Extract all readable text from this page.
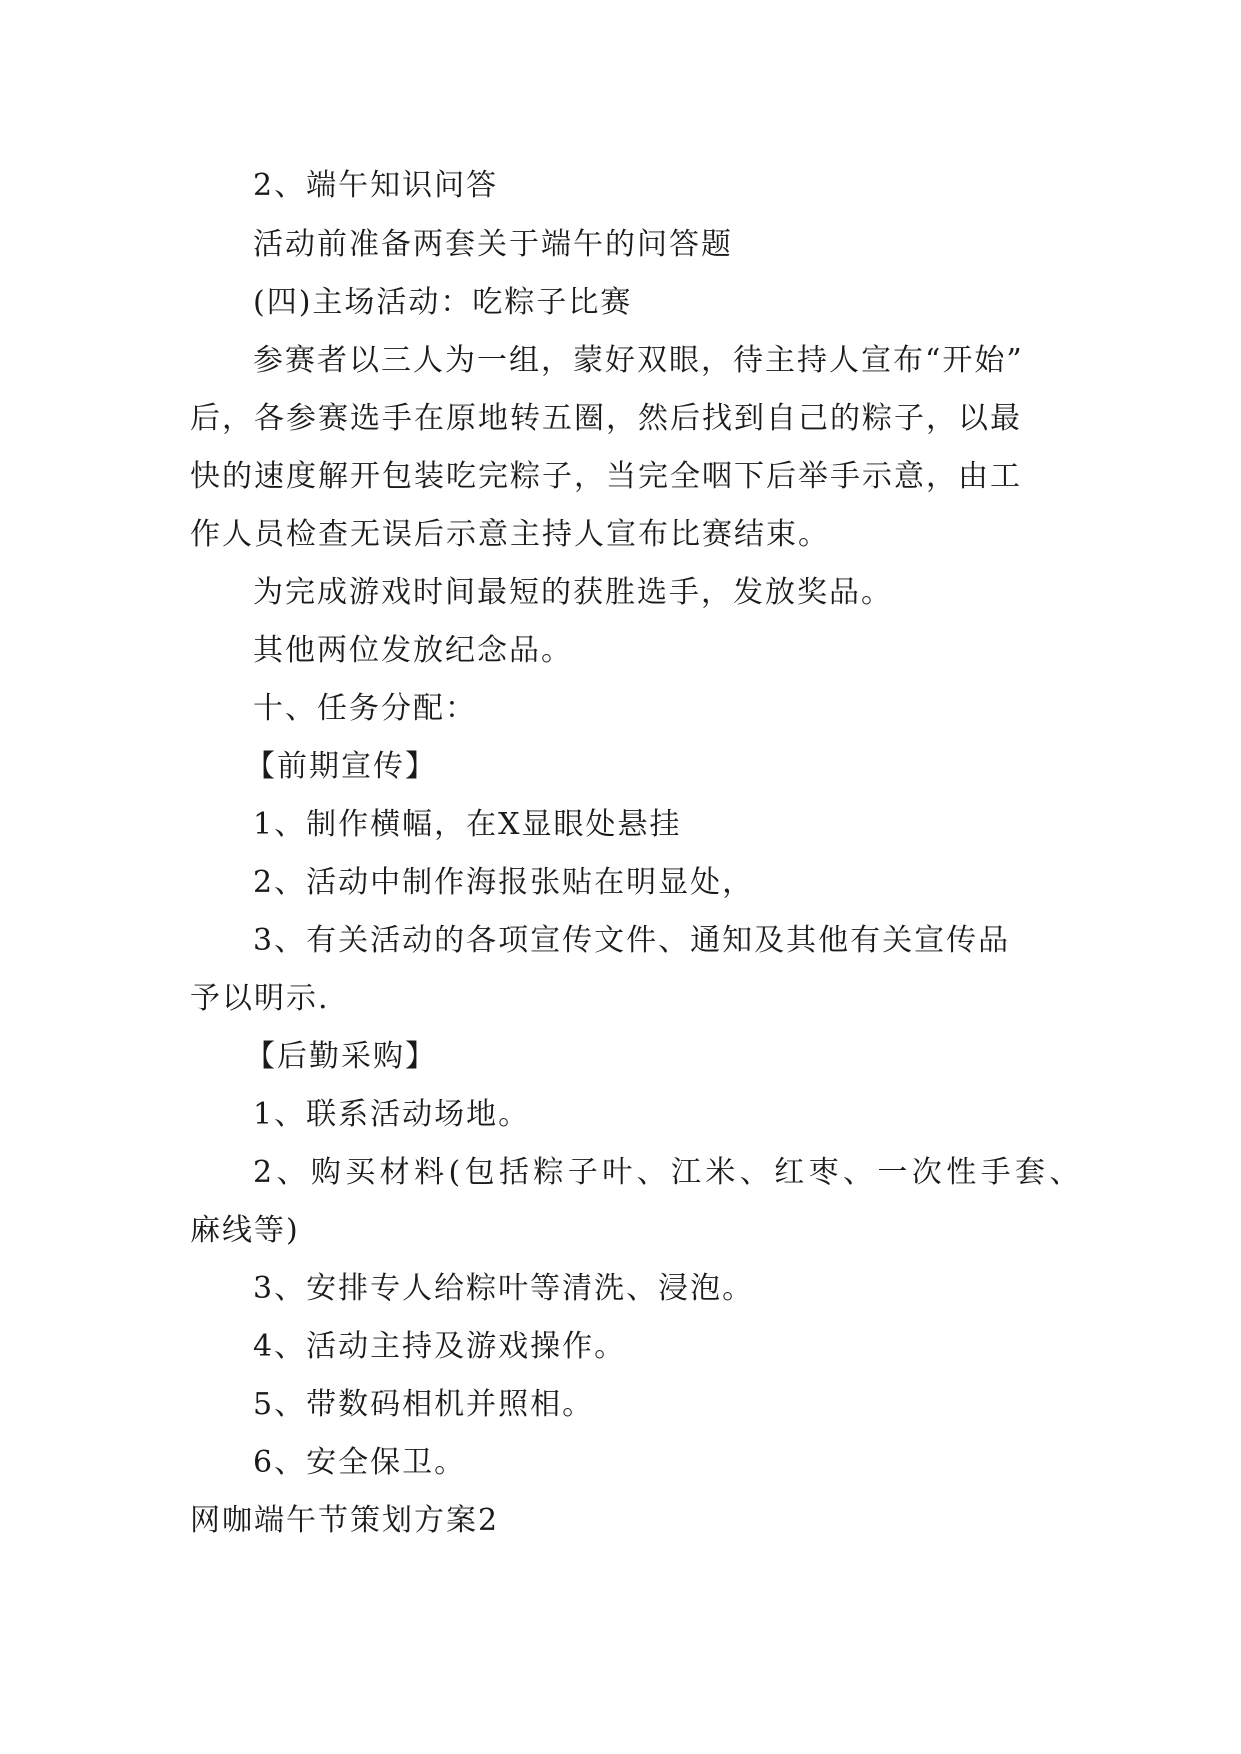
2、端午知识问答
活动前准备两套关于端午的问答题
(四)主场活动：吃粽子比赛
参赛者以三人为一组，蒙好双眼，待主持人宣布“开始”
后，各参赛选手在原地转五圈，然后找到自己的粽子，以最
快的速度解开包装吃完粽子，当完全咽下后举手示意，由工
作人员检查无误后示意主持人宣布比赛结束。
为完成游戏时间最短的获胜选手，发放奖品。
其他两位发放纪念品。
十、任务分配：
【前期宣传】
1、制作横幅，在X显眼处悬挂
2、活动中制作海报张贴在明显处，
3、有关活动的各项宣传文件、通知及其他有关宣传品
予以明示.
【后勤采购】
1、联系活动场地。
2、购买材料(包括粽子叶、江米、红枣、一次性手套、
麻线等)
3、安排专人给粽叶等清洗、浸泡。
4、活动主持及游戏操作。
5、带数码相机并照相。
6、安全保卫。
网咖端午节策划方案2
